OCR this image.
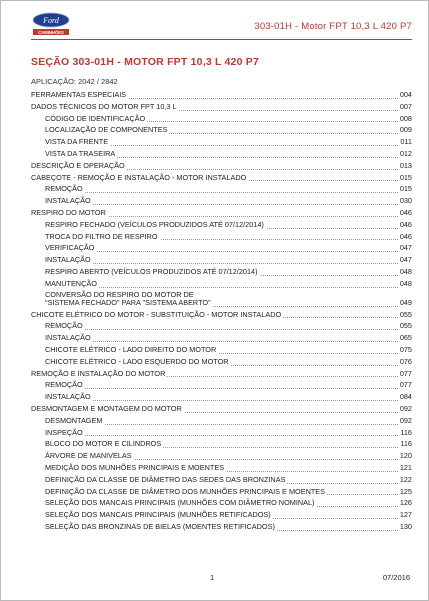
Ford
CAMINHÕES
303-01H - Motor FPT 10,3 L 420 P7
SEÇÃO 303-01H - MOTOR FPT 10,3 L 420 P7
APLICAÇÃO: 2042 / 2842
FERRAMENTAS ESPECIAIS	004
DADOS TÉCNICOS DO MOTOR FPT 10,3 L	007
CÓDIGO DE IDENTIFICAÇÃO	008
LOCALIZAÇÃO DE COMPONENTES	009
VISTA DA FRENTE	011
VISTA DA TRASEIRA	012
DESCRIÇÃO E OPERAÇÃO	013
CABEÇOTE - REMOÇÃO E INSTALAÇÃO - MOTOR INSTALADO	015
REMOÇÃO	015
INSTALAÇÃO	030
RESPIRO DO MOTOR	046
RESPIRO FECHADO (VEÍCULOS PRODUZIDOS ATÉ 07/12/2014)	046
TROCA DO FILTRO DE RESPIRO	046
VERIFICAÇÃO	047
INSTALAÇÃO	047
RESPIRO ABERTO (VEÍCULOS PRODUZIDOS ATÉ 07/12/2014)	048
MANUTENÇÃO	048
CONVERSÃO DO RESPIRO DO MOTOR DE
"SISTEMA FECHADO" PARA "SISTEMA ABERTO"	049
CHICOTE ELÉTRICO DO MOTOR - SUBSTITUIÇÃO - MOTOR INSTALADO	055
REMOÇÃO	055
INSTALAÇÃO	065
CHICOTE ELÉTRICO - LADO DIREITO DO MOTOR	075
CHICOTE ELÉTRICO - LADO ESQUERDO DO MOTOR	076
REMOÇÃO E INSTALAÇÃO DO MOTOR	077
REMOÇÃO	077
INSTALAÇÃO	084
DESMONTAGEM E MONTAGEM DO MOTOR	092
DESMONTAGEM	092
INSPEÇÃO	116
BLOCO DO MOTOR E CILINDROS	116
ÁRVORE DE MANIVELAS	120
MEDIÇÃO DOS MUNHÕES PRINCIPAIS E MOENTES	121
DEFINIÇÃO DA CLASSE DE DIÂMETRO DAS SEDES DAS BRONZINAS	122
DEFINIÇÃO DA CLASSE DE DIÂMETRO DOS MUNHÕES PRINCIPAIS E MOENTES	125
SELEÇÃO DOS MANCAIS PRINCIPAIS (MUNHÕES COM DIÂMETRO NOMINAL)	126
SELEÇÃO DOS MANCAIS PRINCIPAIS (MUNHÕES RETIFICADOS)	127
SELEÇÃO DAS BRONZINAS DE BIELAS (MOENTES RETIFICADOS)	130
1	07/2016
